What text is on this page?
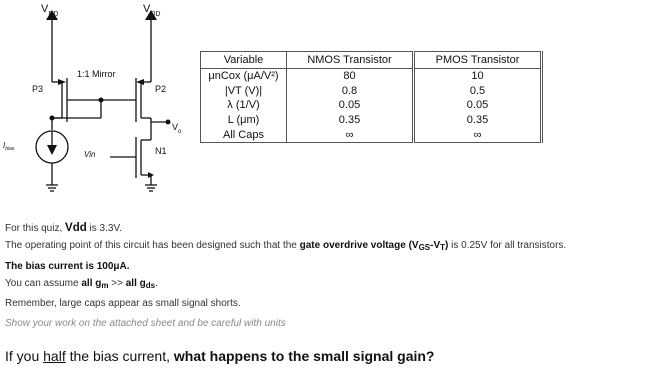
$V_{DD}$	$V_{DD}$
1:1 Mirror
P3	P2
$V_o$
$I_{bias}$
Vin	N1
Variable	NMOS Transistor	PMOS Transistor
μnCox (μA/V²)	80	10
|VT (V)|	0.8	0.5
λ (1/V)	0.05	0.05
L (μm)	0.35	0.35
All Caps	∞	∞
For this quiz, Vdd is 3.3V.
The operating point of this circuit has been designed such that the gate overdrive voltage $(V_{GS}-V_T)$ is 0.25V for all transistors.
The bias current is 100μA.
You can assume all $g_m$ >> all $g_{ds}$.
Remember, large caps appear as small signal shorts.
Show your work on the attached sheet and be careful with units
If you half the bias current, what happens to the small signal gain?
